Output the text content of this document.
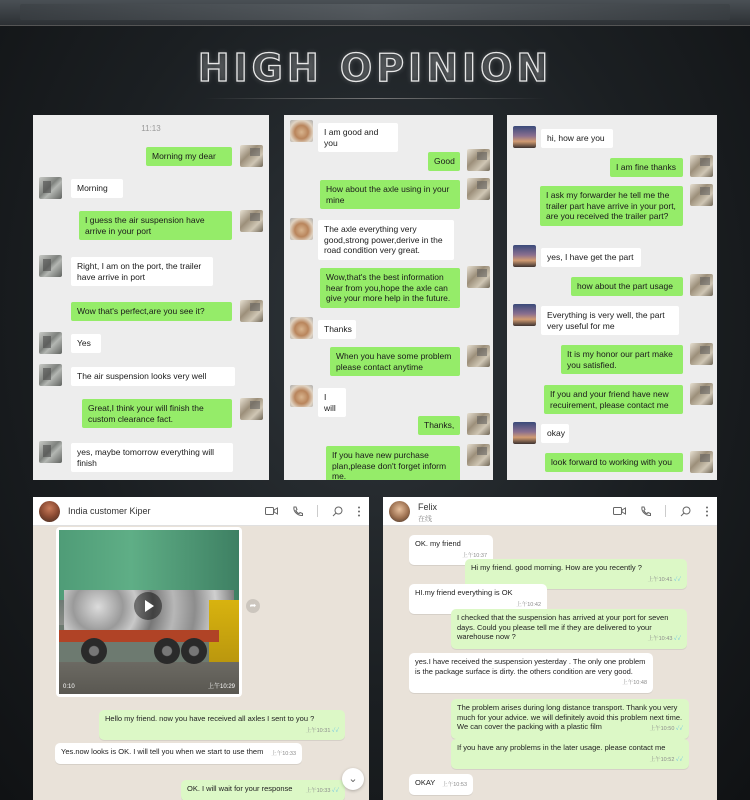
HIGH OPINION
11:13
Morning my dear
Morning
I guess the air suspension have arrive in your port
Right, I am on the port, the trailer have arrive in port
Wow that's perfect,are you see it?
Yes
The air suspension looks very well
Great,I think your will finish the custom clearance fact.
yes, maybe tomorrow everything will finish
I am good and you
Good
How about the axle using in your mine
The axle everything very good,strong power,derive in the road condition very great.
Wow,that's the best information hear from you,hope the axle can give your more help in the future.
Thanks
When you have some problem please contact anytime
I will
Thanks,
If you have new purchase plan,please don't forget inform me.
hi, how are you
I am fine thanks
I ask my forwarder he tell me the trailer part have arrive in your port, are you received the trailer part?
yes, I have get the part
how about the part usage
Everything is very well, the part very useful for me
It is my honor our part make you satisfied.
If you and your friend have new recuirement, please contact me
okay
look forward to working with you
India customer Kiper
0:10	上午10:29
➦
Hello my friend. now you have received all axles I sent to you ?
上午10:31 ✓✓
Yes.now looks is OK. I will tell you when we start to use them 上午10:33
OK. I will wait for your response 上午10:33 ✓✓
⌄
Felix
在线
OK. my friend
上午10:37
Hi my friend. good morning. How are you recently ?
上午10:41 ✓✓
HI.my friend everything is OK
上午10:42
I checked that the suspension has arrived at your port for seven days. Could you please tell me if they are delivered to your warehouse now ?	上午10:43 ✓✓
yes.I have received the suspension yesterday . The only one problem is the package surface is dirty. the others condition are very good.
上午10:48
The problem arises during long distance transport. Thank you very much for your advice. we will definitely avoid this problem next time. We can cover the packing with a plastic film	上午10:50 ✓✓
If you have any problems in the later usage. please contact me
上午10:52 ✓✓
OKAY 上午10:53
